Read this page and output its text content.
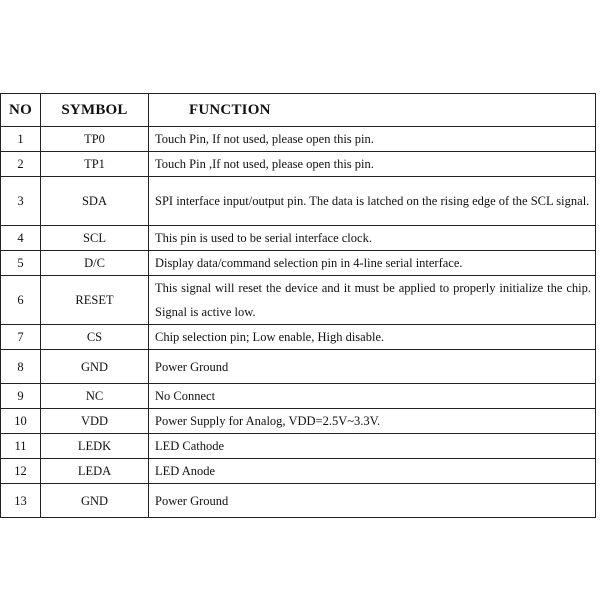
NO	SYMBOL	FUNCTION
1	TP0	Touch Pin, If not used, please open this pin.
2	TP1	Touch Pin ,If not used, please open this pin.
3	SDA	SPI interface input/output pin. The data is latched on the rising edge of the SCL signal.
4	SCL	This pin is used to be serial interface clock.
5	D/C	Display data/command selection pin in 4-line serial interface.
6	RESET	This signal will reset the device and it must be applied to properly initialize the chip. Signal is active low.
7	CS	Chip selection pin; Low enable, High disable.
8	GND	Power Ground
9	NC	No Connect
10	VDD	Power Supply for Analog, VDD=2.5V~3.3V.
11	LEDK	LED Cathode
12	LEDA	LED Anode
13	GND	Power Ground
